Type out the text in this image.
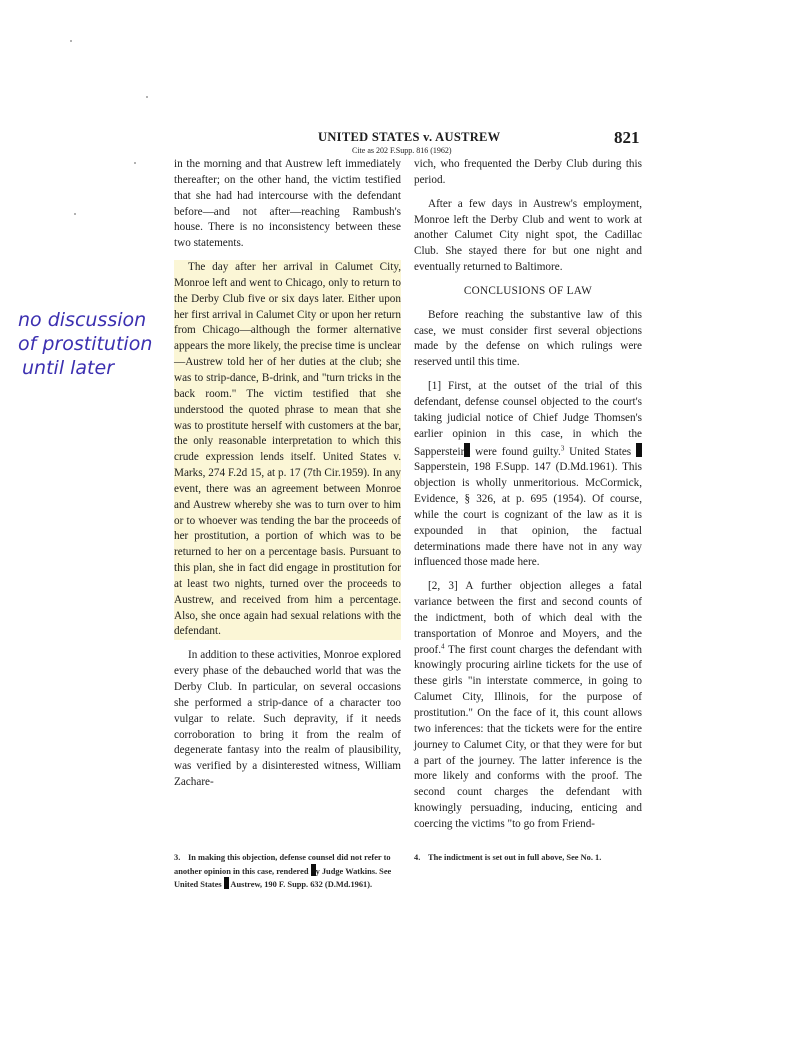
UNITED STATES v. AUSTREW
Cite as 202 F.Supp. 816 (1962)
821
no discussion
of prostitution
until later

in the morning and that Austrew left immediately thereafter; on the other hand, the victim testified that she had had intercourse with the defendant before—and not after—reaching Rambush's house. There is no inconsistency between these two statements.

The day after her arrival in Calumet City, Monroe left and went to Chicago, only to return to the Derby Club five or six days later. Either upon her first arrival in Calumet City or upon her return from Chicago—although the former alternative appears the more likely, the precise time is unclear—Austrew told her of her duties at the club; she was to strip-dance, B-drink, and "turn tricks in the back room." The victim testified that she understood the quoted phrase to mean that she was to prostitute herself with customers at the bar, the only reasonable interpretation to which this crude expression lends itself. United States v. Marks, 274 F.2d 15, at p. 17 (7th Cir.1959). In any event, there was an agreement between Monroe and Austrew whereby she was to turn over to him or to whoever was tending the bar the proceeds of her prostitution, a portion of which was to be returned to her on a percentage basis. Pursuant to this plan, she in fact did engage in prostitution for at least two nights, turned over the proceeds to Austrew, and received from him a percentage. Also, she once again had sexual relations with the defendant.

In addition to these activities, Monroe explored every phase of the debauched world that was the Derby Club. In particular, on several occasions she performed a strip-dance of a character too vulgar to relate. Such depravity, if it needs corroboration to bring it from the realm of degenerate fantasy into the realm of plausibility, was verified by a disinterested witness, William Zachare-

vich, who frequented the Derby Club during this period.

After a few days in Austrew's employment, Monroe left the Derby Club and went to work at another Calumet City night spot, the Cadillac Club. She stayed there for but one night and eventually returned to Baltimore.

CONCLUSIONS OF LAW

Before reaching the substantive law of this case, we must consider first several objections made by the defense on which rulings were reserved until this time.

[1] First, at the outset of the trial of this defendant, defense counsel objected to the court's taking judicial notice of Chief Judge Thomsen's earlier opinion in this case, in which the Sappersteir were found guilty.$^3$ United States  Sapperstein, 198 F.Supp. 147 (D.Md.1961). This objection is wholly unmeritorious. McCormick, Evidence, § 326, at p. 695 (1954). Of course, while the court is cognizant of the law as it is expounded in that opinion, the factual determinations made there have not in any way influenced those made here.

[2, 3] A further objection alleges a fatal variance between the first and second counts of the indictment, both of which deal with the transportation of Monroe and Moyers, and the proof.$^4$ The first count charges the defendant with knowingly procuring airline tickets for the use of these girls "in interstate commerce, in going to Calumet City, Illinois, for the purpose of prostitution." On the face of it, this count allows two inferences: that the tickets were for the entire journey to Calumet City, or that they were for but a part of the journey. The latter inference is the more likely and conforms with the proof. The second count charges the defendant with knowingly persuading, inducing, enticing and coercing the victims "to go from Friend-

3. In making this objection, defense counsel did not refer to another opinion in this case, rendered y Judge Watkins. See United States  Austrew, 190 F. Supp. 632 (D.Md.1961).
4. The indictment is set out in full above, See No. 1.
